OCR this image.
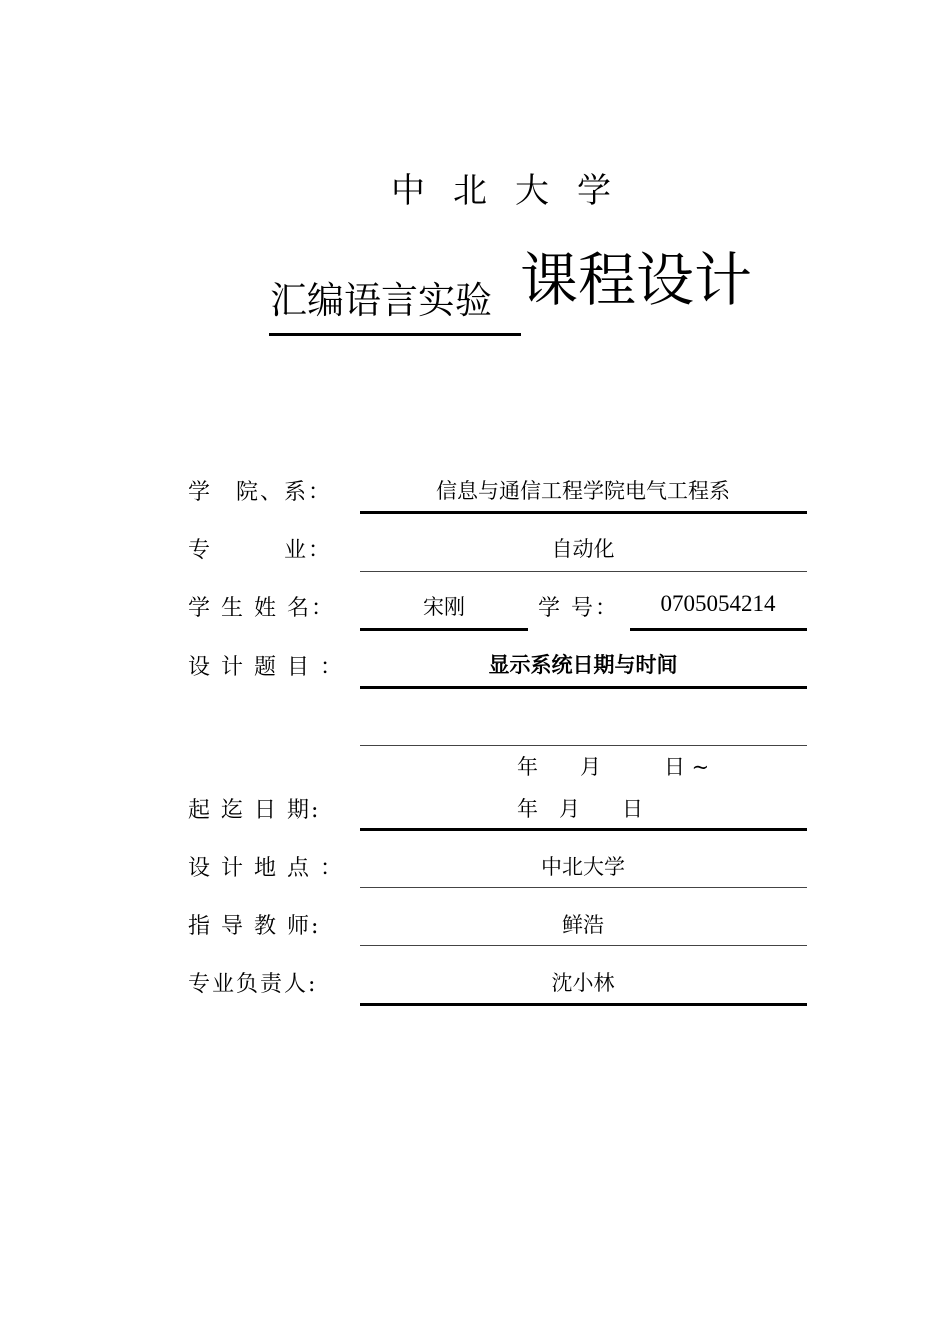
中北大学
汇编语言实验 课程设计
学　院、系：	信息与通信工程学院电气工程系
专　　　业：	自动化
学 生 姓 名：	宋刚	学 号：	0705054214
设 计 题 目 ：	显示系统日期与时间
年　　月　　　日 ~
起 迄 日 期:	年　月　　日
设 计 地 点 ：	中北大学
指 导 教 师:	鲜浩
专业负责人:	沈小林
